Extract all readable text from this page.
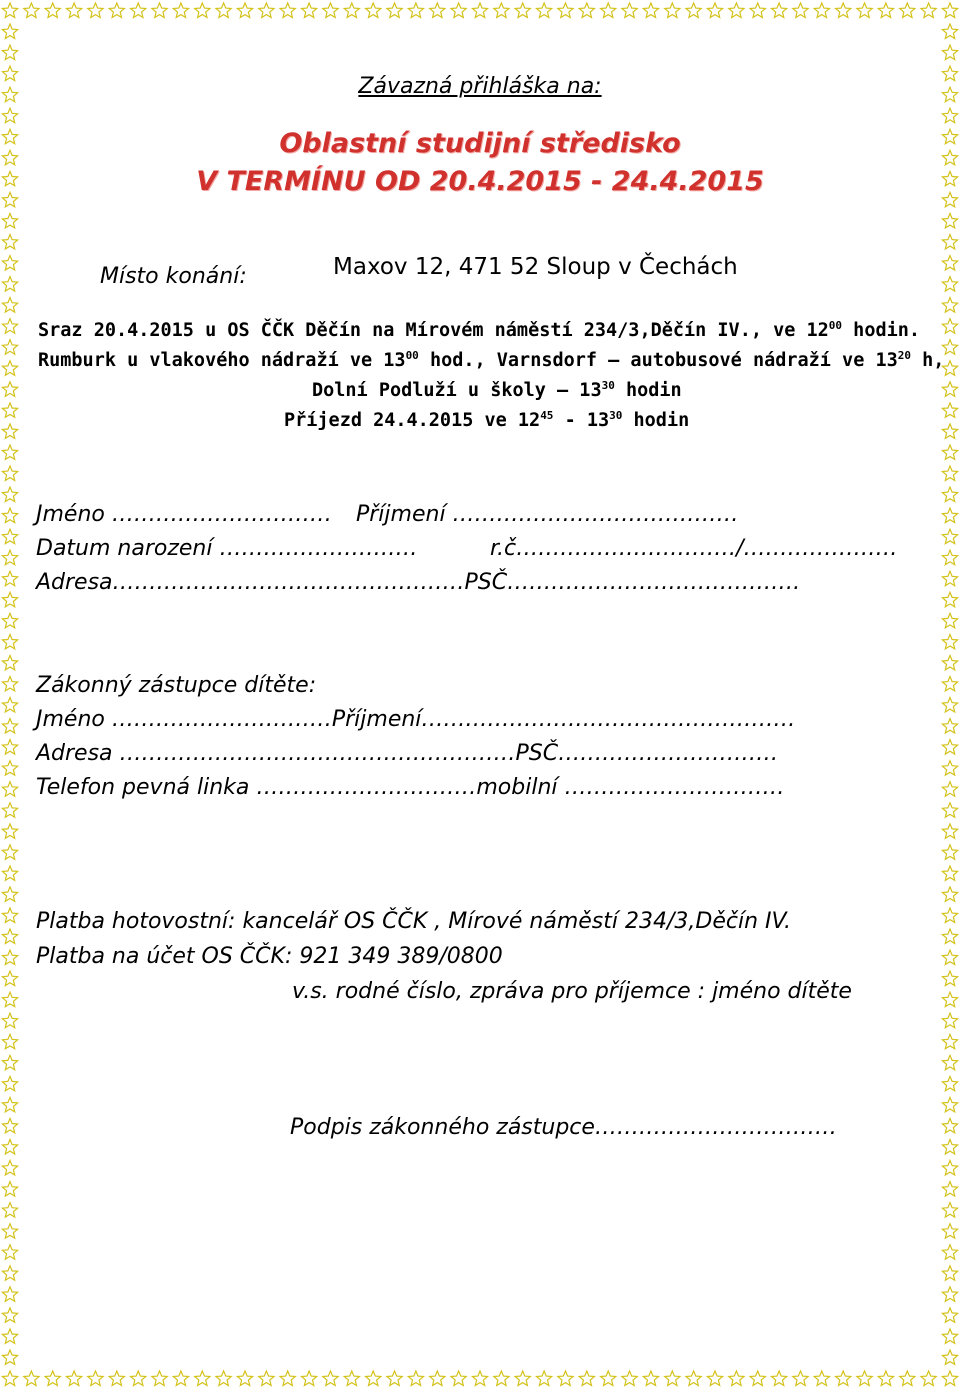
Závazná přihláška na:
Oblastní studijní středisko
V TERMÍNU OD 20.4.2015 - 24.4.2015
Místo konání:	Maxov 12, 471 52 Sloup v Čechách
Sraz 20.4.2015 u OS ČČK Děčín na Mírovém náměstí 234/3,Děčín IV., ve $12^{00}$ hodin.
Rumburk u vlakového nádraží ve $13^{00}$ hod., Varnsdorf – autobusové nádraží ve $13^{20}$ h,
Dolní Podluží u školy – $13^{30}$ hodin
Příjezd 24.4.2015 ve $12^{45} - 13^{30}$ hodin
Jméno ………………………… Příjmení …………………………………
Datum narození ………………………	r.č…………………………/…………………
Adresa…………………………………………PSČ………………………………….
Zákonný zástupce dítěte:
Jméno …………………………Příjmení……………………………………………
Adresa ………………………………………………PSČ…………………………
Telefon pevná linka …………………………mobilní …………………………
Platba hotovostní: kancelář OS ČČK , Mírové náměstí 234/3,Děčín IV.
Platba na účet OS ČČK: 921 349 389/0800
v.s. rodné číslo, zpráva pro příjemce : jméno dítěte
Podpis zákonného zástupce……………………………
